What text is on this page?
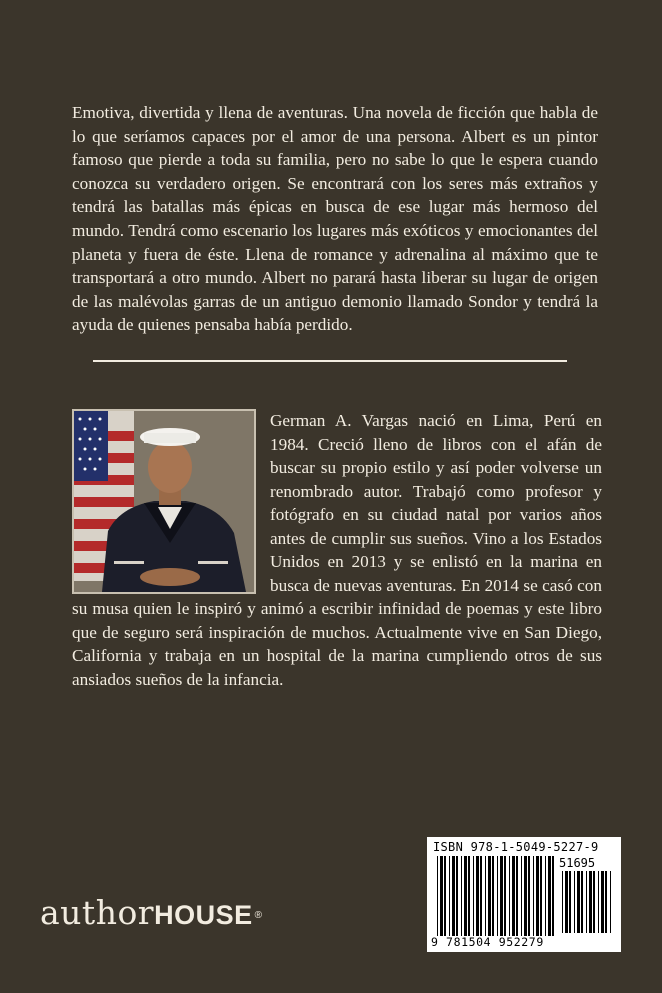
Emotiva, divertida y llena de aventuras. Una novela de ficción que habla de lo que seríamos capaces por el amor de una persona. Albert es un pintor famoso que pierde a toda su familia, pero no sabe lo que le espera cuando conozca su verdadero origen. Se encontrará con los seres más extraños y tendrá las batallas más épicas en busca de ese lugar más hermoso del mundo. Tendrá como escenario los lugares más exóticos y emocionantes del planeta y fuera de éste. Llena de romance y adrenalina al máximo que te transportará a otro mundo. Albert no parará hasta liberar su lugar de origen de las malévolas garras de un antiguo demonio llamado Sondor y tendrá la ayuda de quienes pensaba había perdido.

German A. Vargas nació en Lima, Perú en 1984. Creció lleno de libros con el afán de buscar su propio estilo y así poder volverse un renombrado autor. Trabajó como profesor y fotógrafo en su ciudad natal por varios años antes de cumplir sus sueños. Vino a los Estados Unidos en 2013 y se enlistó en la marina en busca de nuevas aventuras. En 2014 se casó con su musa quien le inspiró y animó a escribir infinidad de poemas y este libro que de seguro será inspiración de muchos. Actualmente vive en San Diego, California y trabaja en un hospital de la marina cumpliendo otros de sus ansiados sueños de la infancia.
authorHOUSE ®
ISBN 978-1-5049-5227-9
51695
9 781504 952279
